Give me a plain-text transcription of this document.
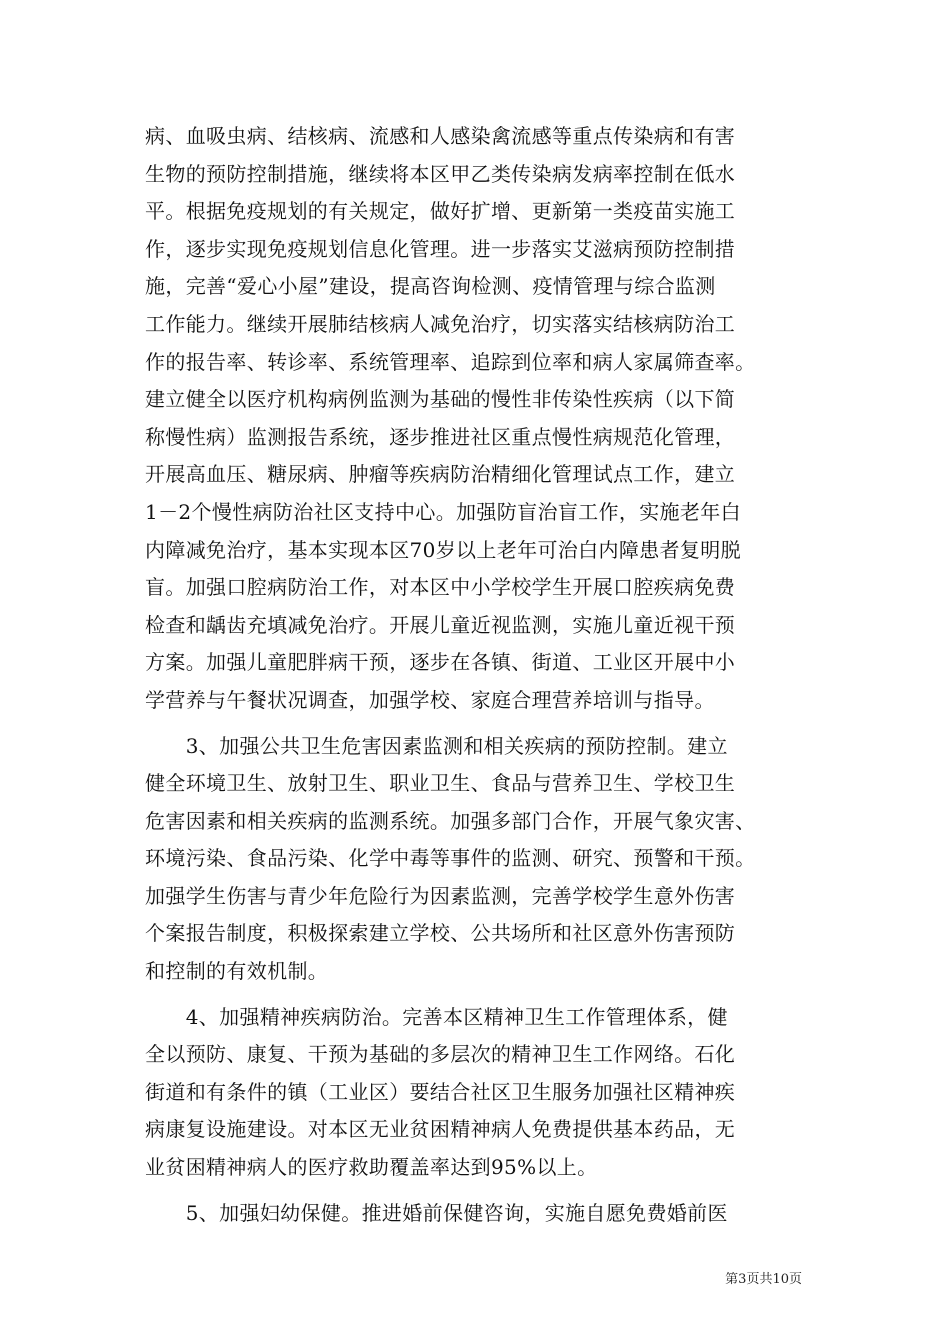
病、血吸虫病、结核病、流感和人感染禽流感等重点传染病和有害
生物的预防控制措施，继续将本区甲乙类传染病发病率控制在低水
平。根据免疫规划的有关规定，做好扩增、更新第一类疫苗实施工
作，逐步实现免疫规划信息化管理。进一步落实艾滋病预防控制措
施，完善“爱心小屋”建设，提高咨询检测、疫情管理与综合监测
工作能力。继续开展肺结核病人减免治疗，切实落实结核病防治工
作的报告率、转诊率、系统管理率、追踪到位率和病人家属筛查率。
建立健全以医疗机构病例监测为基础的慢性非传染性疾病（以下简
称慢性病）监测报告系统，逐步推进社区重点慢性病规范化管理，
开展高血压、糖尿病、肿瘤等疾病防治精细化管理试点工作，建立
1－2个慢性病防治社区支持中心。加强防盲治盲工作，实施老年白
内障减免治疗，基本实现本区70岁以上老年可治白内障患者复明脱
盲。加强口腔病防治工作，对本区中小学校学生开展口腔疾病免费
检查和龋齿充填减免治疗。开展儿童近视监测，实施儿童近视干预
方案。加强儿童肥胖病干预，逐步在各镇、街道、工业区开展中小
学营养与午餐状况调查，加强学校、家庭合理营养培训与指导。
　　3、加强公共卫生危害因素监测和相关疾病的预防控制。建立
健全环境卫生、放射卫生、职业卫生、食品与营养卫生、学校卫生
危害因素和相关疾病的监测系统。加强多部门合作，开展气象灾害、
环境污染、食品污染、化学中毒等事件的监测、研究、预警和干预。
加强学生伤害与青少年危险行为因素监测，完善学校学生意外伤害
个案报告制度，积极探索建立学校、公共场所和社区意外伤害预防
和控制的有效机制。
　　4、加强精神疾病防治。完善本区精神卫生工作管理体系，健
全以预防、康复、干预为基础的多层次的精神卫生工作网络。石化
街道和有条件的镇（工业区）要结合社区卫生服务加强社区精神疾
病康复设施建设。对本区无业贫困精神病人免费提供基本药品，无
业贫困精神病人的医疗救助覆盖率达到95%以上。
　　5、加强妇幼保健。推进婚前保健咨询，实施自愿免费婚前医
第3页共10页
